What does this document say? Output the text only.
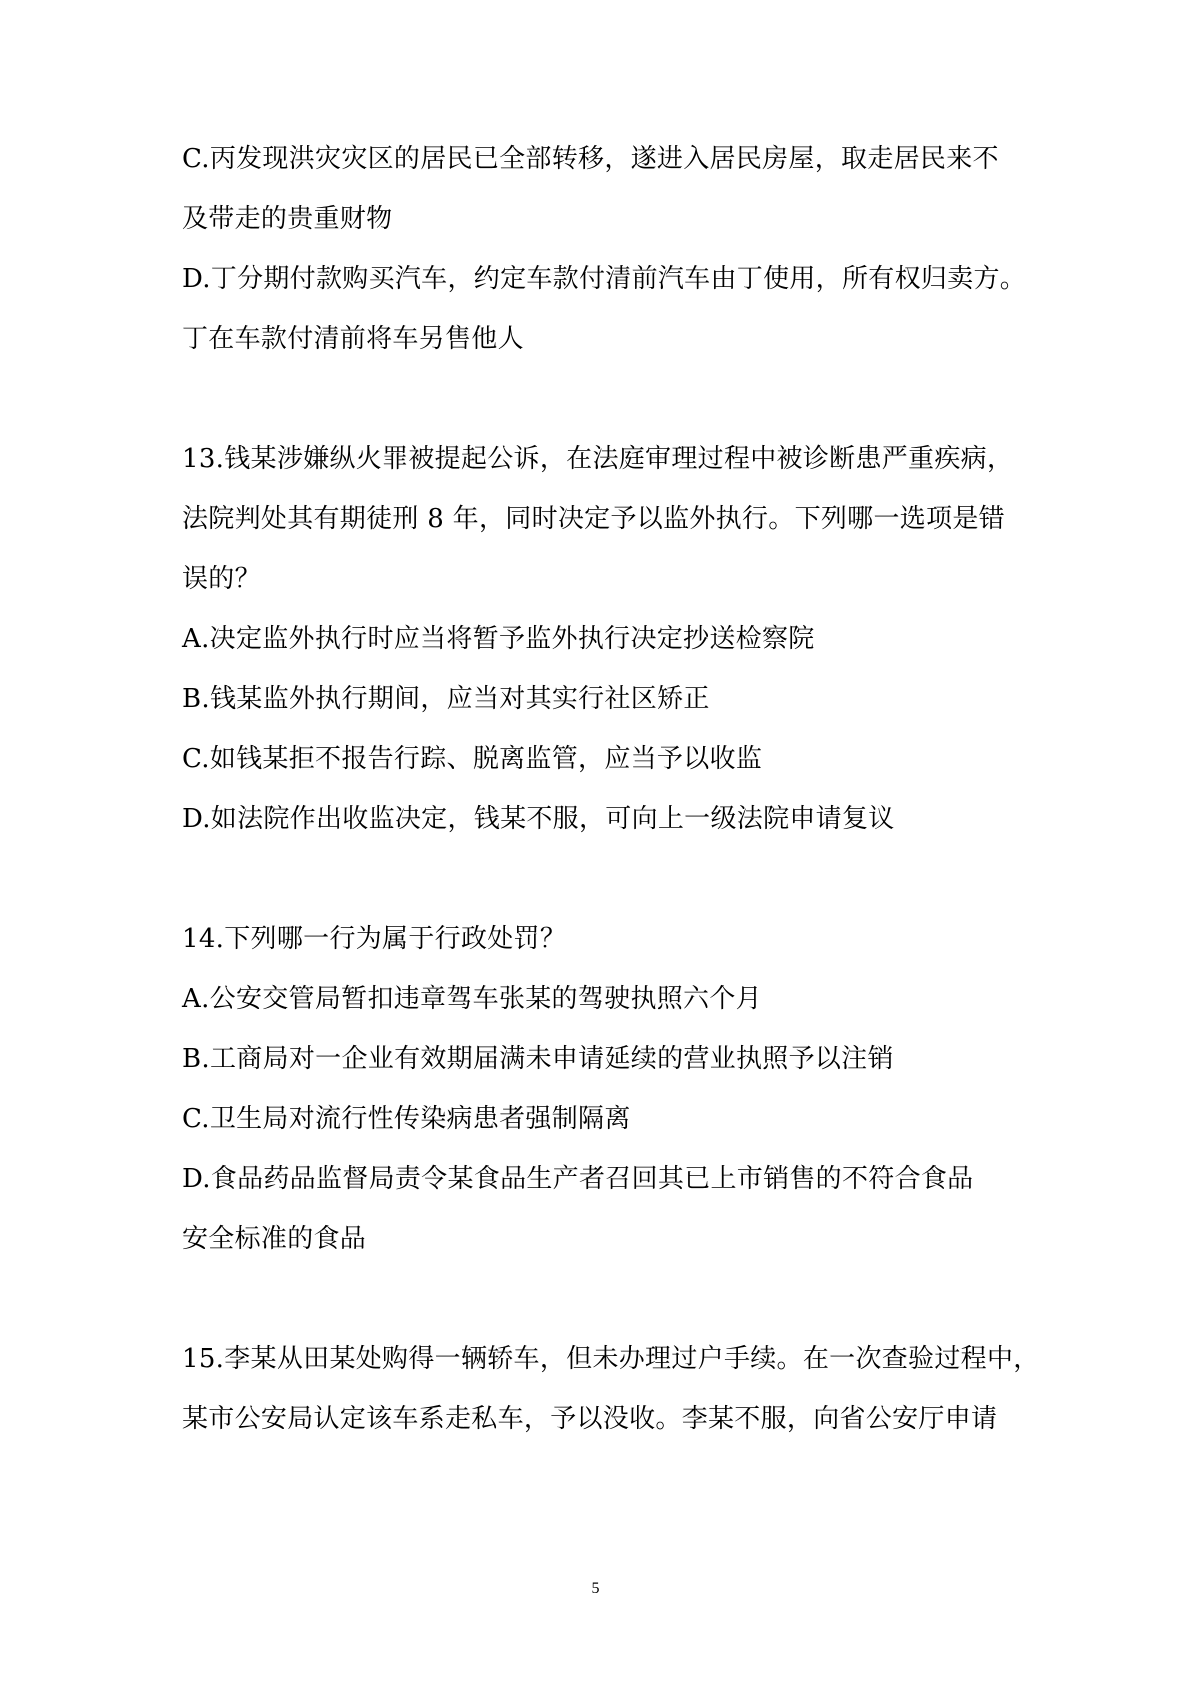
C.丙发现洪灾灾区的居民已全部转移，遂进入居民房屋，取走居民来不

及带走的贵重财物

D.丁分期付款购买汽车，约定车款付清前汽车由丁使用，所有权归卖方。

丁在车款付清前将车另售他人

13.钱某涉嫌纵火罪被提起公诉，在法庭审理过程中被诊断患严重疾病，

法院判处其有期徒刑 8 年，同时决定予以监外执行。下列哪一选项是错

误的？

A.决定监外执行时应当将暂予监外执行决定抄送检察院

B.钱某监外执行期间，应当对其实行社区矫正

C.如钱某拒不报告行踪、脱离监管，应当予以收监

D.如法院作出收监决定，钱某不服，可向上一级法院申请复议

14.下列哪一行为属于行政处罚？

A.公安交管局暂扣违章驾车张某的驾驶执照六个月

B.工商局对一企业有效期届满未申请延续的营业执照予以注销

C.卫生局对流行性传染病患者强制隔离

D.食品药品监督局责令某食品生产者召回其已上市销售的不符合食品

安全标准的食品

15.李某从田某处购得一辆轿车，但未办理过户手续。在一次查验过程中，

某市公安局认定该车系走私车，予以没收。李某不服，向省公安厅申请

5
